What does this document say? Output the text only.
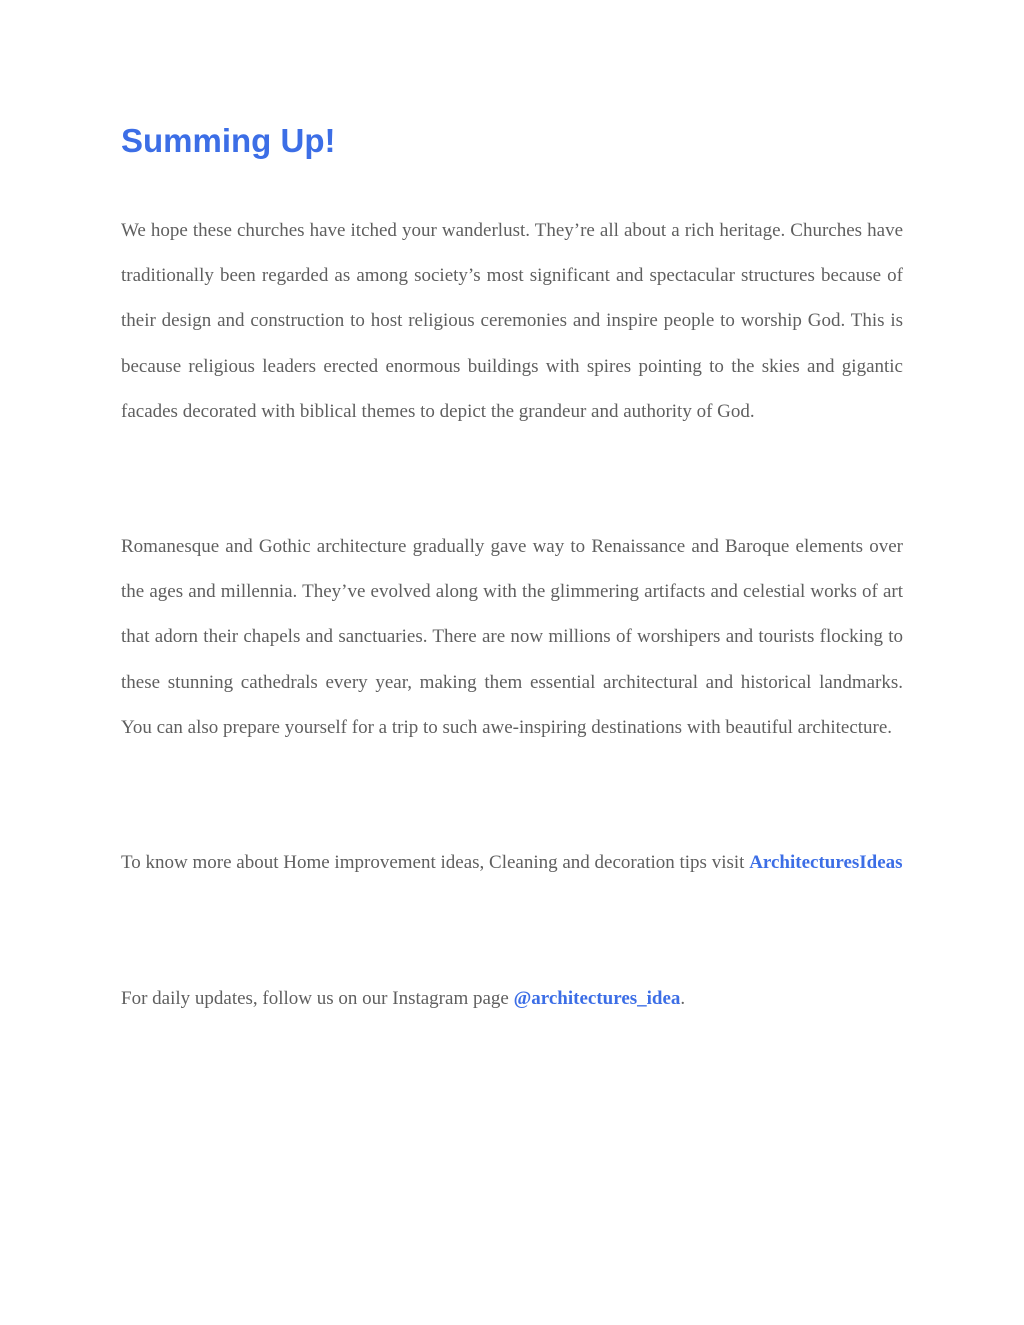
Summing Up!

We hope these churches have itched your wanderlust. They’re all about a rich heritage. Churches have traditionally been regarded as among society’s most significant and spectacular structures because of their design and construction to host religious ceremonies and inspire people to worship God. This is because religious leaders erected enormous buildings with spires pointing to the skies and gigantic facades decorated with biblical themes to depict the grandeur and authority of God.

Romanesque and Gothic architecture gradually gave way to Renaissance and Baroque elements over the ages and millennia. They’ve evolved along with the glimmering artifacts and celestial works of art that adorn their chapels and sanctuaries. There are now millions of worshipers and tourists flocking to these stunning cathedrals every year, making them essential architectural and historical landmarks. You can also prepare yourself for a trip to such awe-inspiring destinations with beautiful architecture.

To know more about Home improvement ideas, Cleaning and decoration tips visit ArchitecturesIdeas

For daily updates, follow us on our Instagram page @architectures_idea.
